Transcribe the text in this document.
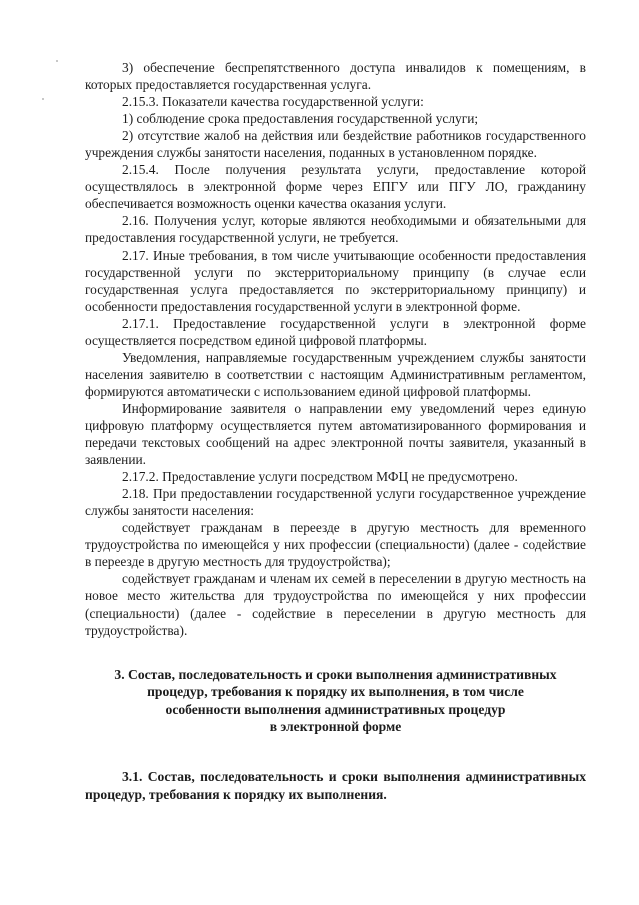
3) обеспечение беспрепятственного доступа инвалидов к помещениям, в которых предоставляется государственная услуга.

2.15.3. Показатели качества государственной услуги:

1) соблюдение срока предоставления государственной услуги;

2) отсутствие жалоб на действия или бездействие работников государственного учреждения службы занятости населения, поданных в установленном порядке.

2.15.4. После получения результата услуги, предоставление которой осуществлялось в электронной форме через ЕПГУ или ПГУ ЛО, гражданину обеспечивается возможность оценки качества оказания услуги.

2.16. Получения услуг, которые являются необходимыми и обязательными для предоставления государственной услуги, не требуется.

2.17. Иные требования, в том числе учитывающие особенности предоставления государственной услуги по экстерриториальному принципу (в случае если государственная услуга предоставляется по экстерриториальному принципу) и особенности предоставления государственной услуги в электронной форме.

2.17.1. Предоставление государственной услуги в электронной форме осуществляется посредством единой цифровой платформы.

Уведомления, направляемые государственным учреждением службы занятости населения заявителю в соответствии с настоящим Административным регламентом, формируются автоматически с использованием единой цифровой платформы.

Информирование заявителя о направлении ему уведомлений через единую цифровую платформу осуществляется путем автоматизированного формирования и передачи текстовых сообщений на адрес электронной почты заявителя, указанный в заявлении.

2.17.2. Предоставление услуги посредством МФЦ не предусмотрено.

2.18. При предоставлении государственной услуги государственное учреждение службы занятости населения:

содействует гражданам в переезде в другую местность для временного трудоустройства по имеющейся у них профессии (специальности) (далее - содействие в переезде в другую местность для трудоустройства);

содействует гражданам и членам их семей в переселении в другую местность на новое место жительства для трудоустройства по имеющейся у них профессии (специальности) (далее - содействие в переселении в другую местность для трудоустройства).

3. Состав, последовательность и сроки выполнения административных
процедур, требования к порядку их выполнения, в том числе
особенности выполнения административных процедур
в электронной форме

3.1. Состав, последовательность и сроки выполнения административных процедур, требования к порядку их выполнения.
